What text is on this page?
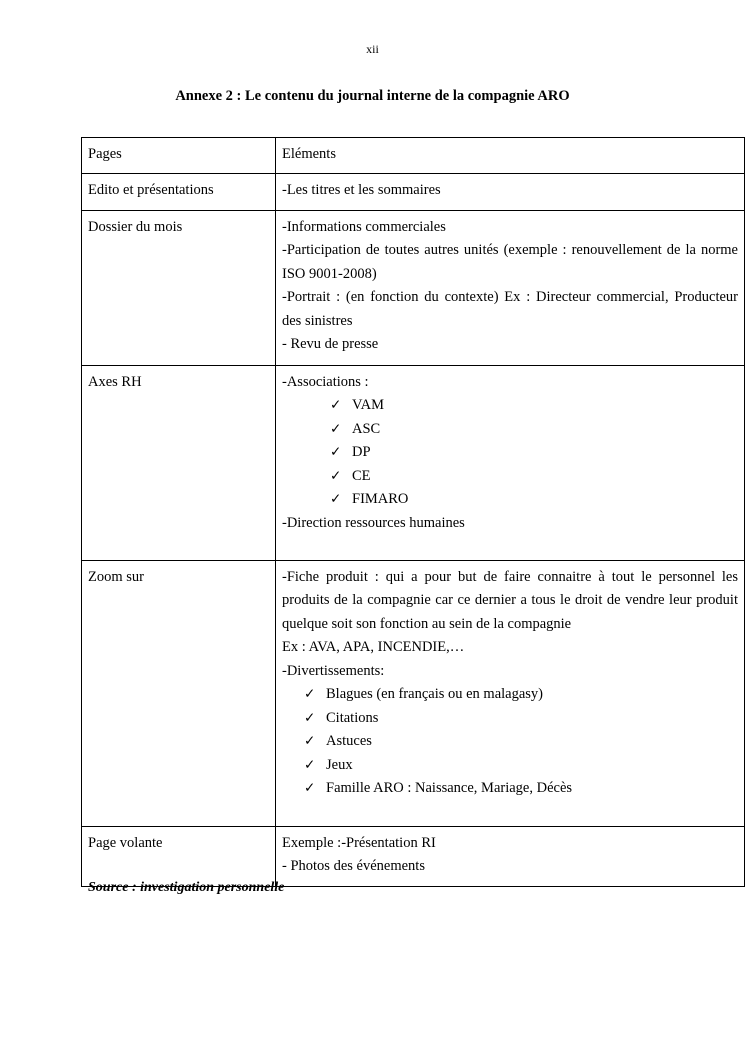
xii
Annexe 2 : Le contenu du journal interne de la compagnie ARO
Pages	Eléments
Edito et présentations	-Les titres et les sommaires

Dossier du mois	-Informations commerciales
-Participation de toutes autres unités (exemple : renouvellement de la norme ISO 9001-2008)
-Portrait : (en fonction du contexte) Ex : Directeur commercial, Producteur des sinistres
- Revu de presse

Axes RH	-Associations :
✓ VAM
✓ ASC
✓ DP
✓ CE
✓ FIMARO
-Direction ressources humaines

Zoom sur	-Fiche produit : qui a pour but de faire connaitre à tout le personnel les produits de la compagnie car ce dernier a tous le droit de vendre leur produit quelque soit son fonction au sein de la compagnie
Ex : AVA, APA, INCENDIE,…
-Divertissements:
✓ Blagues (en français ou en malagasy)
✓ Citations
✓ Astuces
✓ Jeux
✓ Famille ARO : Naissance, Mariage, Décès

Page volante	Exemple :-Présentation RI
- Photos des événements
Source : investigation personnelle
